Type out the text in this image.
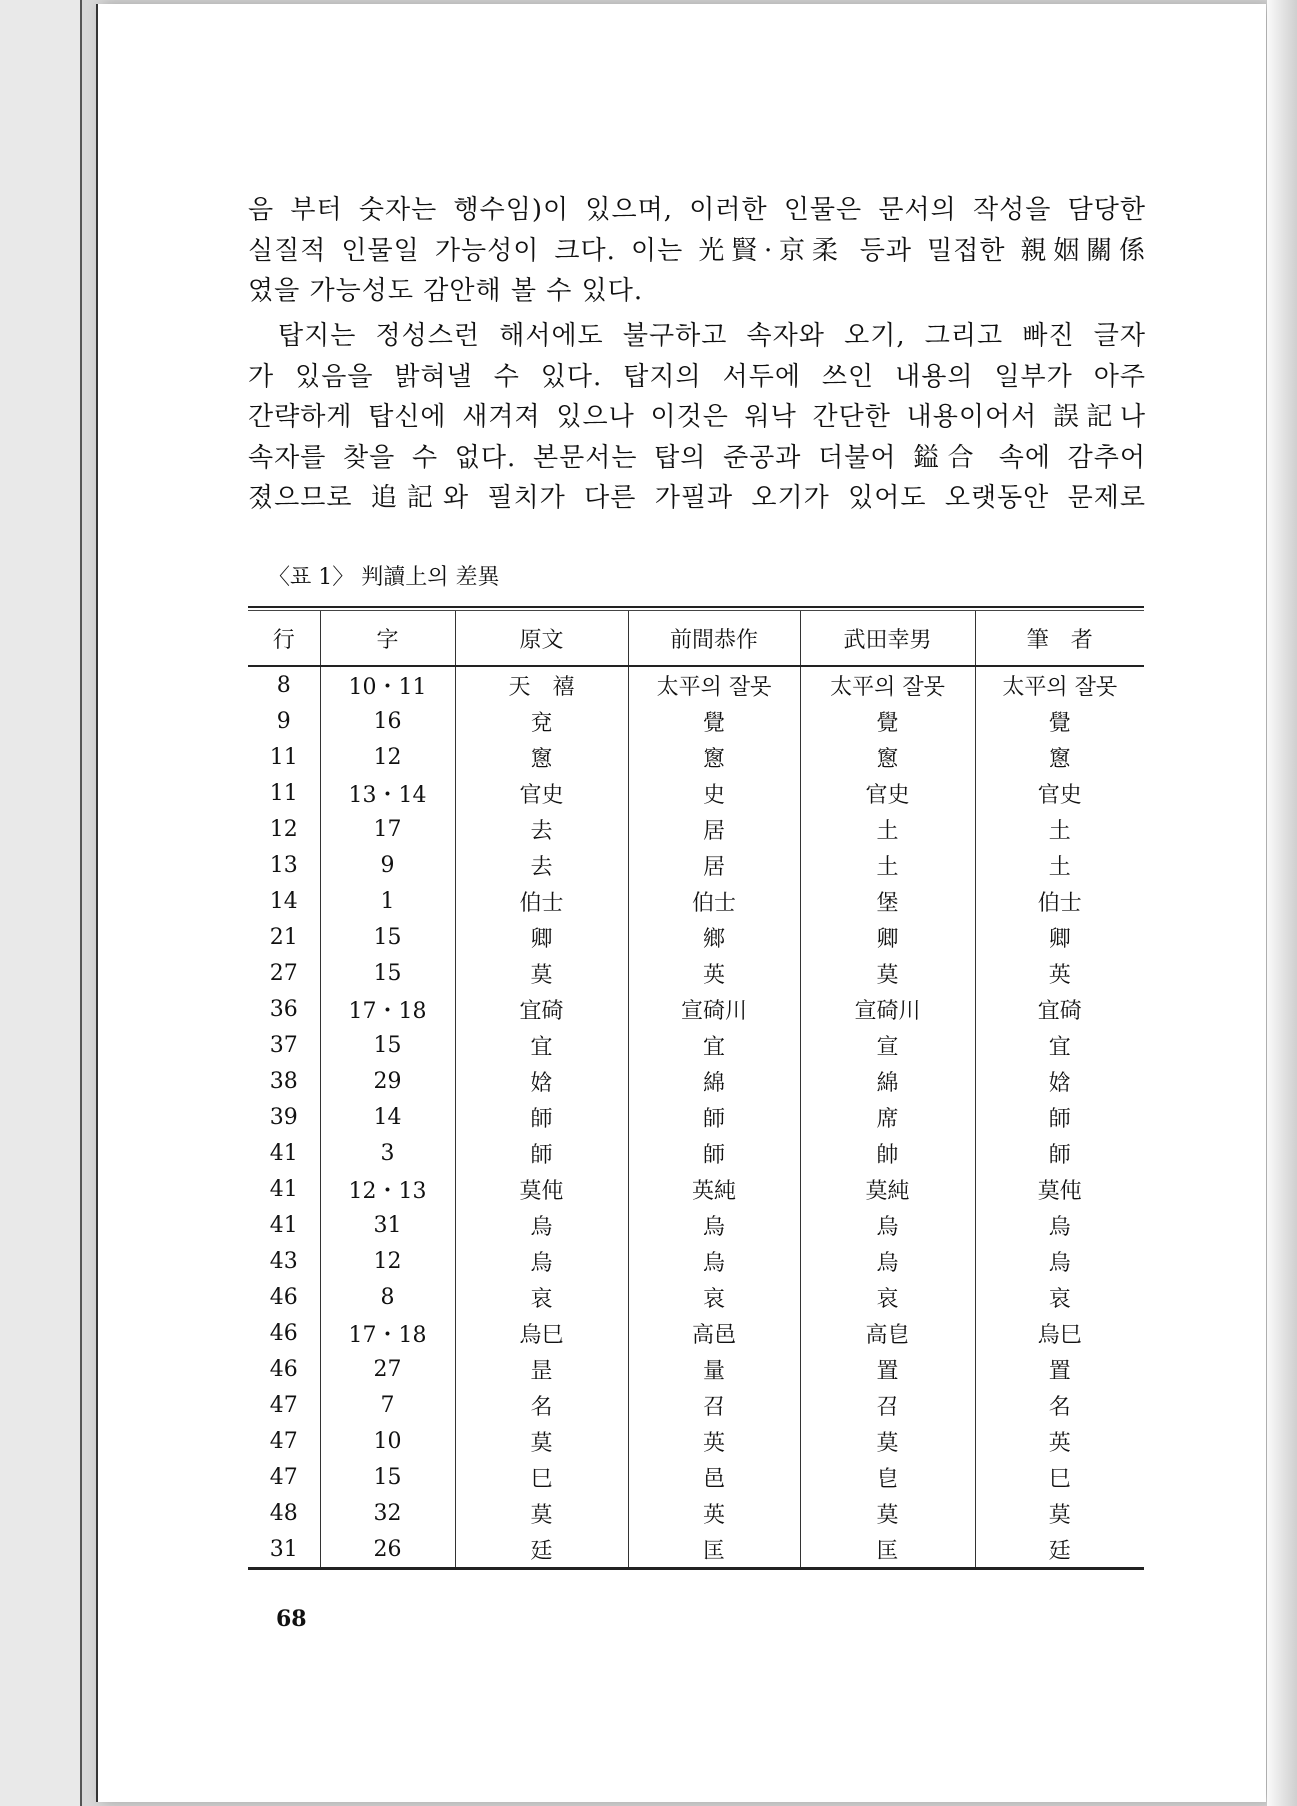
음 부터 숫자는 행수임)이 있으며, 이러한 인물은 문서의 작성을 담당한
실질적 인물일 가능성이 크다. 이는 光賢·京柔 등과 밀접한 親姻關係
였을 가능성도 감안해 볼 수 있다.
탑지는 정성스런 해서에도 불구하고 속자와 오기, 그리고 빠진 글자
가 있음을 밝혀낼 수 있다. 탑지의 서두에 쓰인 내용의 일부가 아주
간략하게 탑신에 새겨져 있으나 이것은 워낙 간단한 내용이어서 誤記나
속자를 찾을 수 없다. 본문서는 탑의 준공과 더불어 鎰合 속에 감추어
졌으므로 追記와 필치가 다른 가필과 오기가 있어도 오랫동안 문제로
〈표 1〉 判讀上의 差異
行	字	原文	前間恭作	武田幸男	筆　者
8	10・11	天　禧	太平의 잘못	太平의 잘못	太平의 잘못
9	16	兗	覺	覺	覺
11	12	窻	窻	窻	窻
11	13・14	官史	史	官史	官史
12	17	去	居	土	土
13	9	去	居	土	土
14	1	伯士	伯士	堡	伯士
21	15	卿	鄉	卿	卿
27	15	莫	英	莫	英
36	17・18	宜碕	宣碕川	宣碕川	宜碕
37	15	宜	宜	宣	宜
38	29	娢	綿	綿	娢
39	14	師	師	席	師
41	3	師	師	帥	師
41	12・13	莫伅	英純	莫純	莫伅
41	31	烏	烏	烏	烏
43	12	烏	烏	烏	烏
46	8	哀	哀	哀	哀
46	17・18	烏巳	高邑	高皀	烏巳
46	27	昰	量	置	置
47	7	名	召	召	名
47	10	莫	英	莫	英
47	15	巳	邑	皀	巳
48	32	莫	英	莫	莫
31	26	廷	匡	匡	廷
68
